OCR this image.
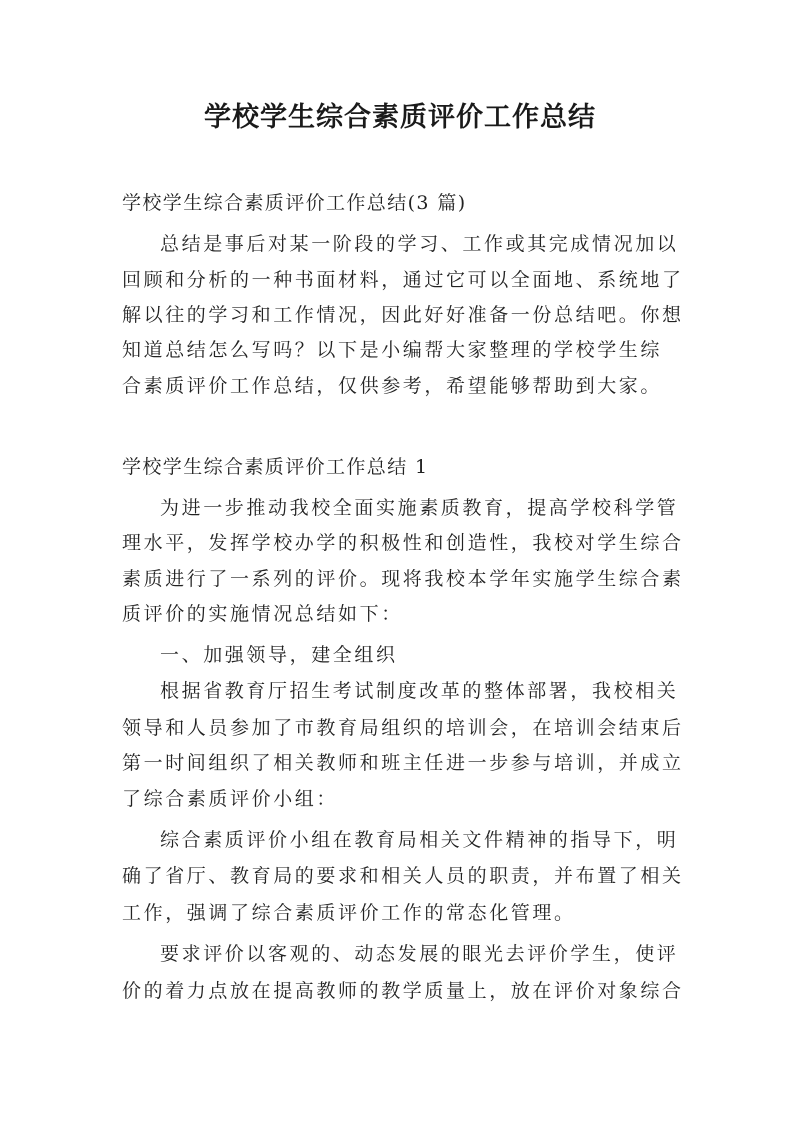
学校学生综合素质评价工作总结
学校学生综合素质评价工作总结(3 篇)
总结是事后对某一阶段的学习、工作或其完成情况加以
回顾和分析的一种书面材料，通过它可以全面地、系统地了
解以往的学习和工作情况，因此好好准备一份总结吧。你想
知道总结怎么写吗？以下是小编帮大家整理的学校学生综
合素质评价工作总结，仅供参考，希望能够帮助到大家。
学校学生综合素质评价工作总结 1
为进一步推动我校全面实施素质教育，提高学校科学管
理水平，发挥学校办学的积极性和创造性，我校对学生综合
素质进行了一系列的评价。现将我校本学年实施学生综合素
质评价的实施情况总结如下：
一、加强领导，建全组织
根据省教育厅招生考试制度改革的整体部署，我校相关
领导和人员参加了市教育局组织的培训会，在培训会结束后
第一时间组织了相关教师和班主任进一步参与培训，并成立
了综合素质评价小组：
综合素质评价小组在教育局相关文件精神的指导下，明
确了省厅、教育局的要求和相关人员的职责，并布置了相关
工作，强调了综合素质评价工作的常态化管理。
要求评价以客观的、动态发展的眼光去评价学生，使评
价的着力点放在提高教师的教学质量上，放在评价对象综合
